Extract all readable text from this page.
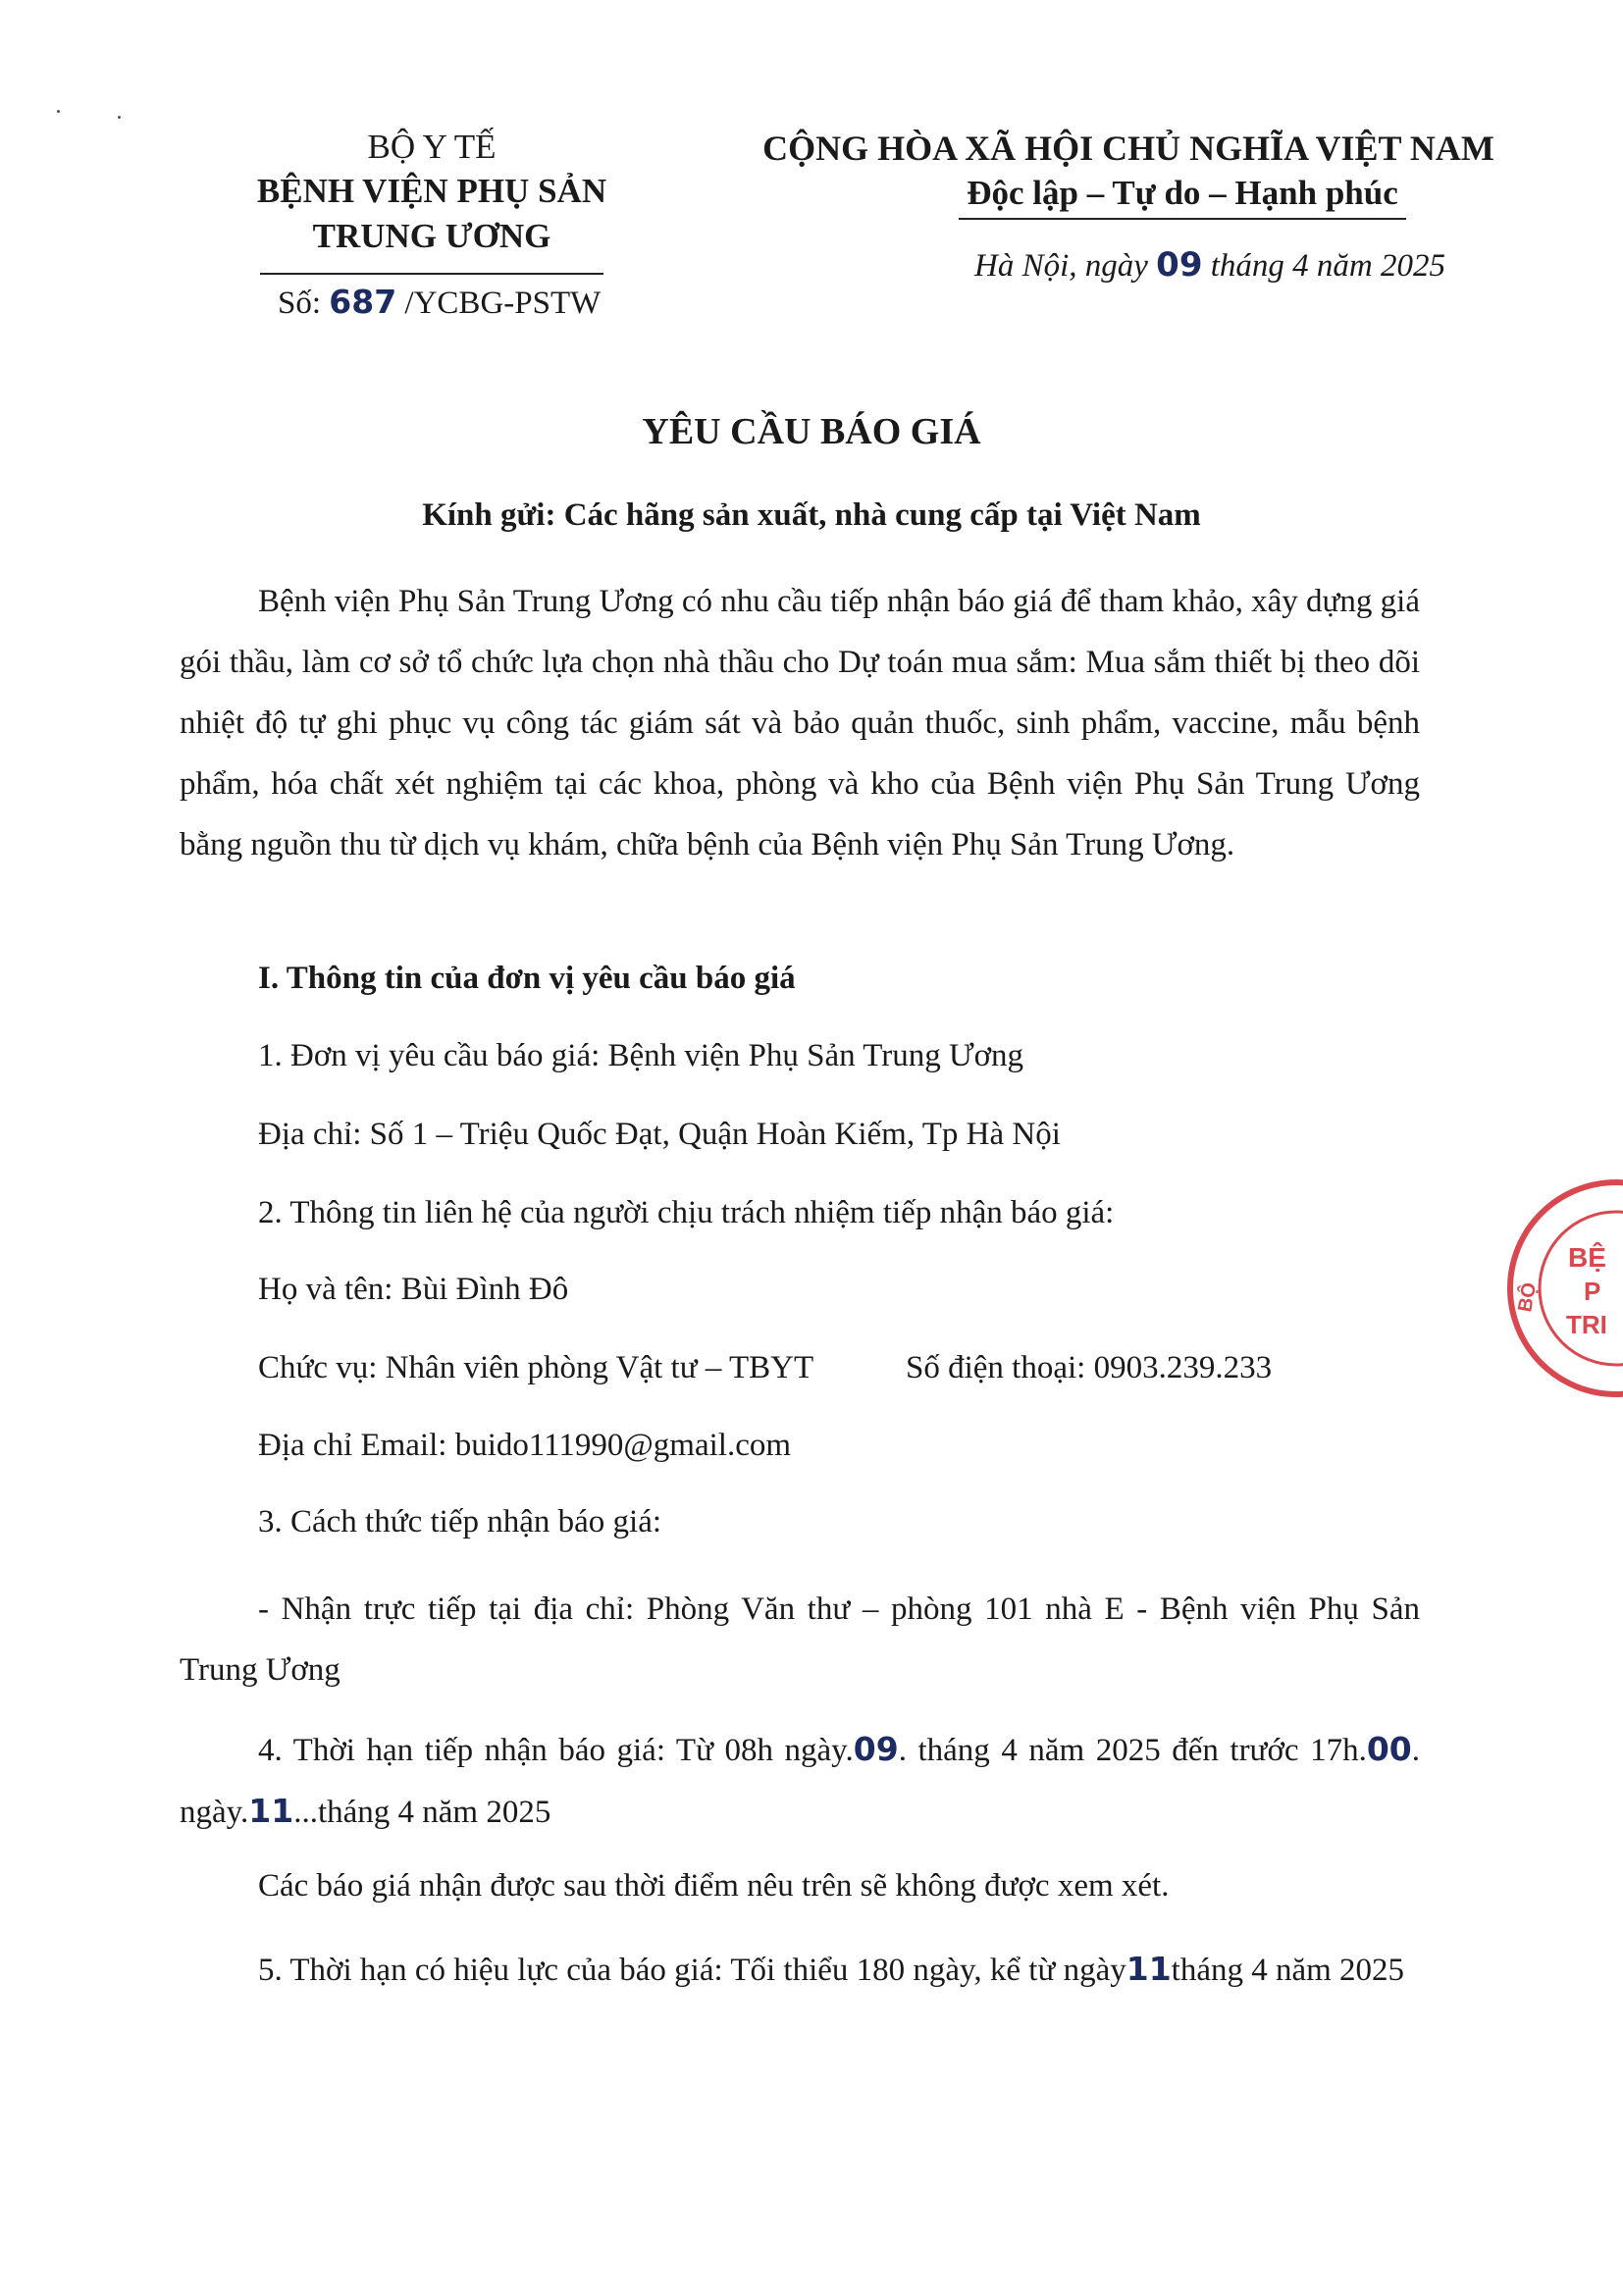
BỘ Y TẾ
BỆNH VIỆN PHỤ SẢN
TRUNG ƯƠNG
Số: 687 /YCBG-PSTW
CỘNG HÒA XÃ HỘI CHỦ NGHĨA VIỆT NAM
Độc lập – Tự do – Hạnh phúc
Hà Nội, ngày 09 tháng 4 năm 2025
YÊU CẦU BÁO GIÁ
Kính gửi: Các hãng sản xuất, nhà cung cấp tại Việt Nam
Bệnh viện Phụ Sản Trung Ương có nhu cầu tiếp nhận báo giá để tham khảo, xây dựng giá gói thầu, làm cơ sở tổ chức lựa chọn nhà thầu cho Dự toán mua sắm: Mua sắm thiết bị theo dõi nhiệt độ tự ghi phục vụ công tác giám sát và bảo quản thuốc, sinh phẩm, vaccine, mẫu bệnh phẩm, hóa chất xét nghiệm tại các khoa, phòng và kho của Bệnh viện Phụ Sản Trung Ương bằng nguồn thu từ dịch vụ khám, chữa bệnh của Bệnh viện Phụ Sản Trung Ương.
I. Thông tin của đơn vị yêu cầu báo giá
1. Đơn vị yêu cầu báo giá: Bệnh viện Phụ Sản Trung Ương
Địa chỉ: Số 1 – Triệu Quốc Đạt, Quận Hoàn Kiếm, Tp Hà Nội
2. Thông tin liên hệ của người chịu trách nhiệm tiếp nhận báo giá:
Họ và tên: Bùi Đình Đô
Chức vụ: Nhân viên phòng Vật tư – TBYT	Số điện thoại: 0903.239.233
Địa chỉ Email: buido111990@gmail.com
3. Cách thức tiếp nhận báo giá:
- Nhận trực tiếp tại địa chỉ: Phòng Văn thư – phòng 101 nhà E - Bệnh viện Phụ Sản Trung Ương
4. Thời hạn tiếp nhận báo giá: Từ 08h ngày.09. tháng 4 năm 2025 đến trước 17h.00. ngày.11...tháng 4 năm 2025
Các báo giá nhận được sau thời điểm nêu trên sẽ không được xem xét.
5. Thời hạn có hiệu lực của báo giá: Tối thiểu 180 ngày, kể từ ngày11tháng 4 năm 2025
BỆ
P
TRI
BỘ
